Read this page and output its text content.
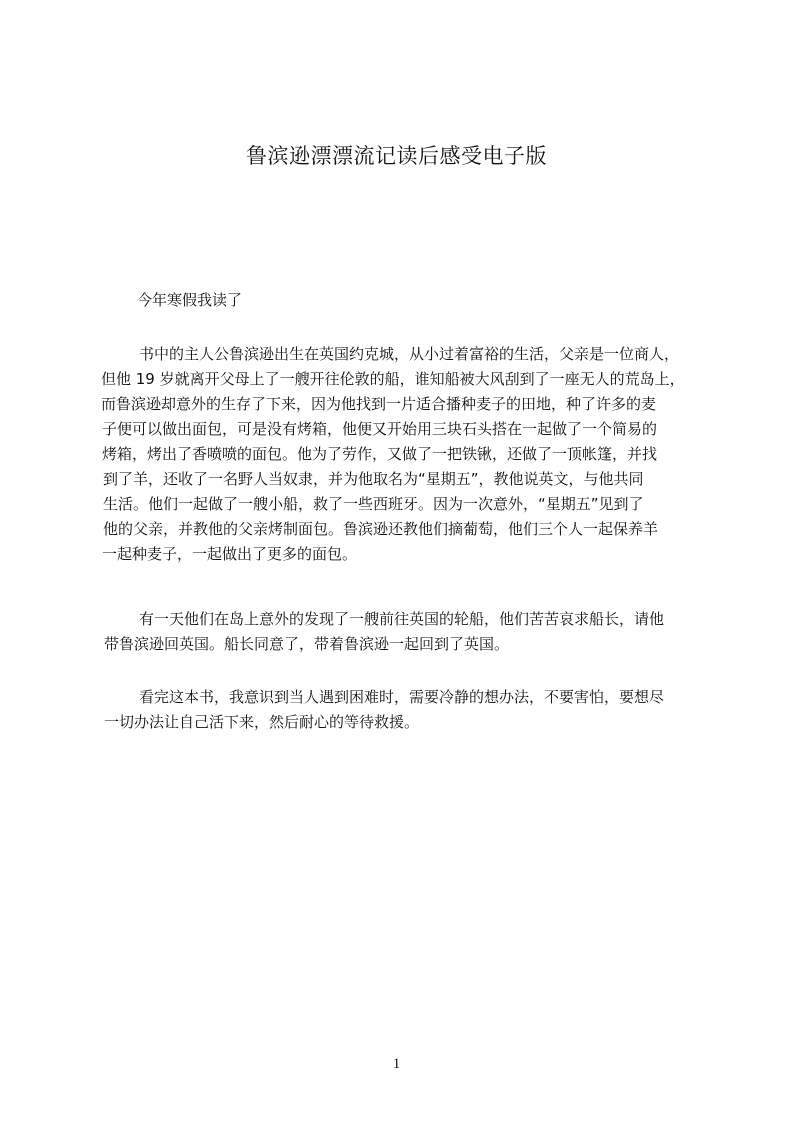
鲁滨逊漂漂流记读后感受电子版
今年寒假我读了
书中的主人公鲁滨逊出生在英国约克城，从小过着富裕的生活，父亲是一位商人，
但他 19 岁就离开父母上了一艘开往伦敦的船，谁知船被大风刮到了一座无人的荒岛上，
而鲁滨逊却意外的生存了下来，因为他找到一片适合播种麦子的田地，种了许多的麦
子便可以做出面包，可是没有烤箱，他便又开始用三块石头搭在一起做了一个简易的
烤箱，烤出了香喷喷的面包。他为了劳作，又做了一把铁锹，还做了一顶帐篷，并找
到了羊，还收了一名野人当奴隶，并为他取名为“星期五”，教他说英文，与他共同
生活。他们一起做了一艘小船，救了一些西班牙。因为一次意外，“星期五”见到了
他的父亲，并教他的父亲烤制面包。鲁滨逊还教他们摘葡萄，他们三个人一起保养羊
一起种麦子，一起做出了更多的面包。
有一天他们在岛上意外的发现了一艘前往英国的轮船，他们苦苦哀求船长，请他
带鲁滨逊回英国。船长同意了，带着鲁滨逊一起回到了英国。
看完这本书，我意识到当人遇到困难时，需要冷静的想办法，不要害怕，要想尽
一切办法让自己活下来，然后耐心的等待救援。
1
